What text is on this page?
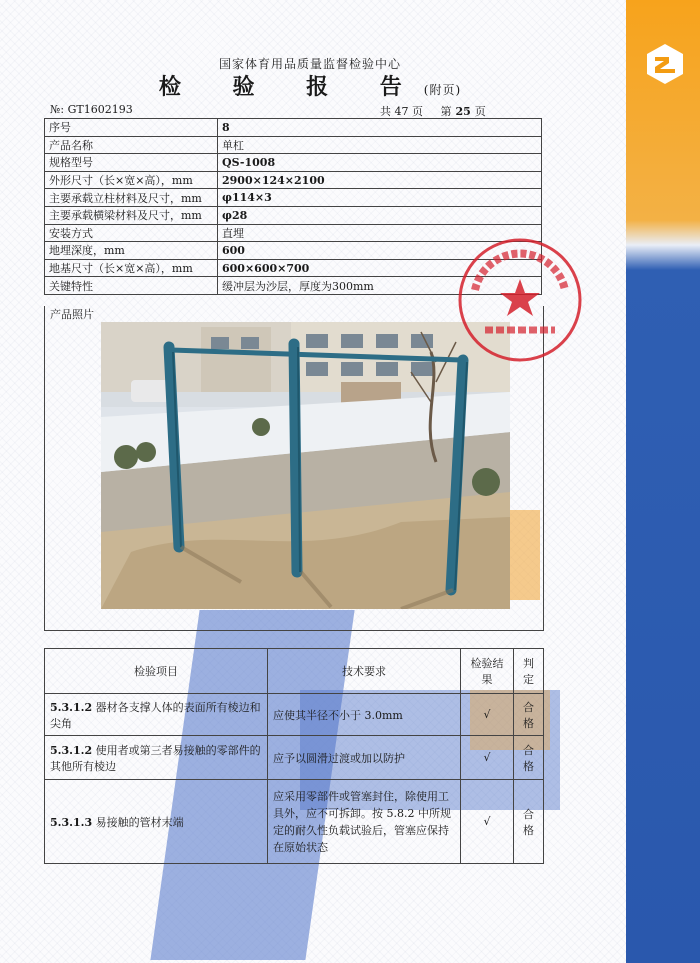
国家体育用品质量监督检验中心
检 验 报 告(附页)
№: GT1602193	共 47 页 第 25 页
序号	8
产品名称	单杠
规格型号	QS-1008
外形尺寸（长×宽×高），mm	2900×124×2100
主要承载立柱材料及尺寸，mm	φ114×3
主要承载横梁材料及尺寸，mm	φ28
安装方式	直埋
地埋深度，mm	600
地基尺寸（长×宽×高），mm	600×600×700
关键特性	缓冲层为沙层，厚度为300mm
产品照片
检验项目	技术要求	检验结果	判定
5.3.1.2 器材各支撑人体的表面所有棱边和尖角	应使其半径不小于 3.0mm	√	合格
5.3.1.2 使用者或第三者易接触的零部件的其他所有棱边	应予以圆滑过渡或加以防护	√	合格
5.3.1.3 易接触的管材末端	应采用零部件或管塞封住，除使用工具外，应不可拆卸。按 5.8.2 中所规定的耐久性负载试验后，管塞应保持在原始状态	√	合格
